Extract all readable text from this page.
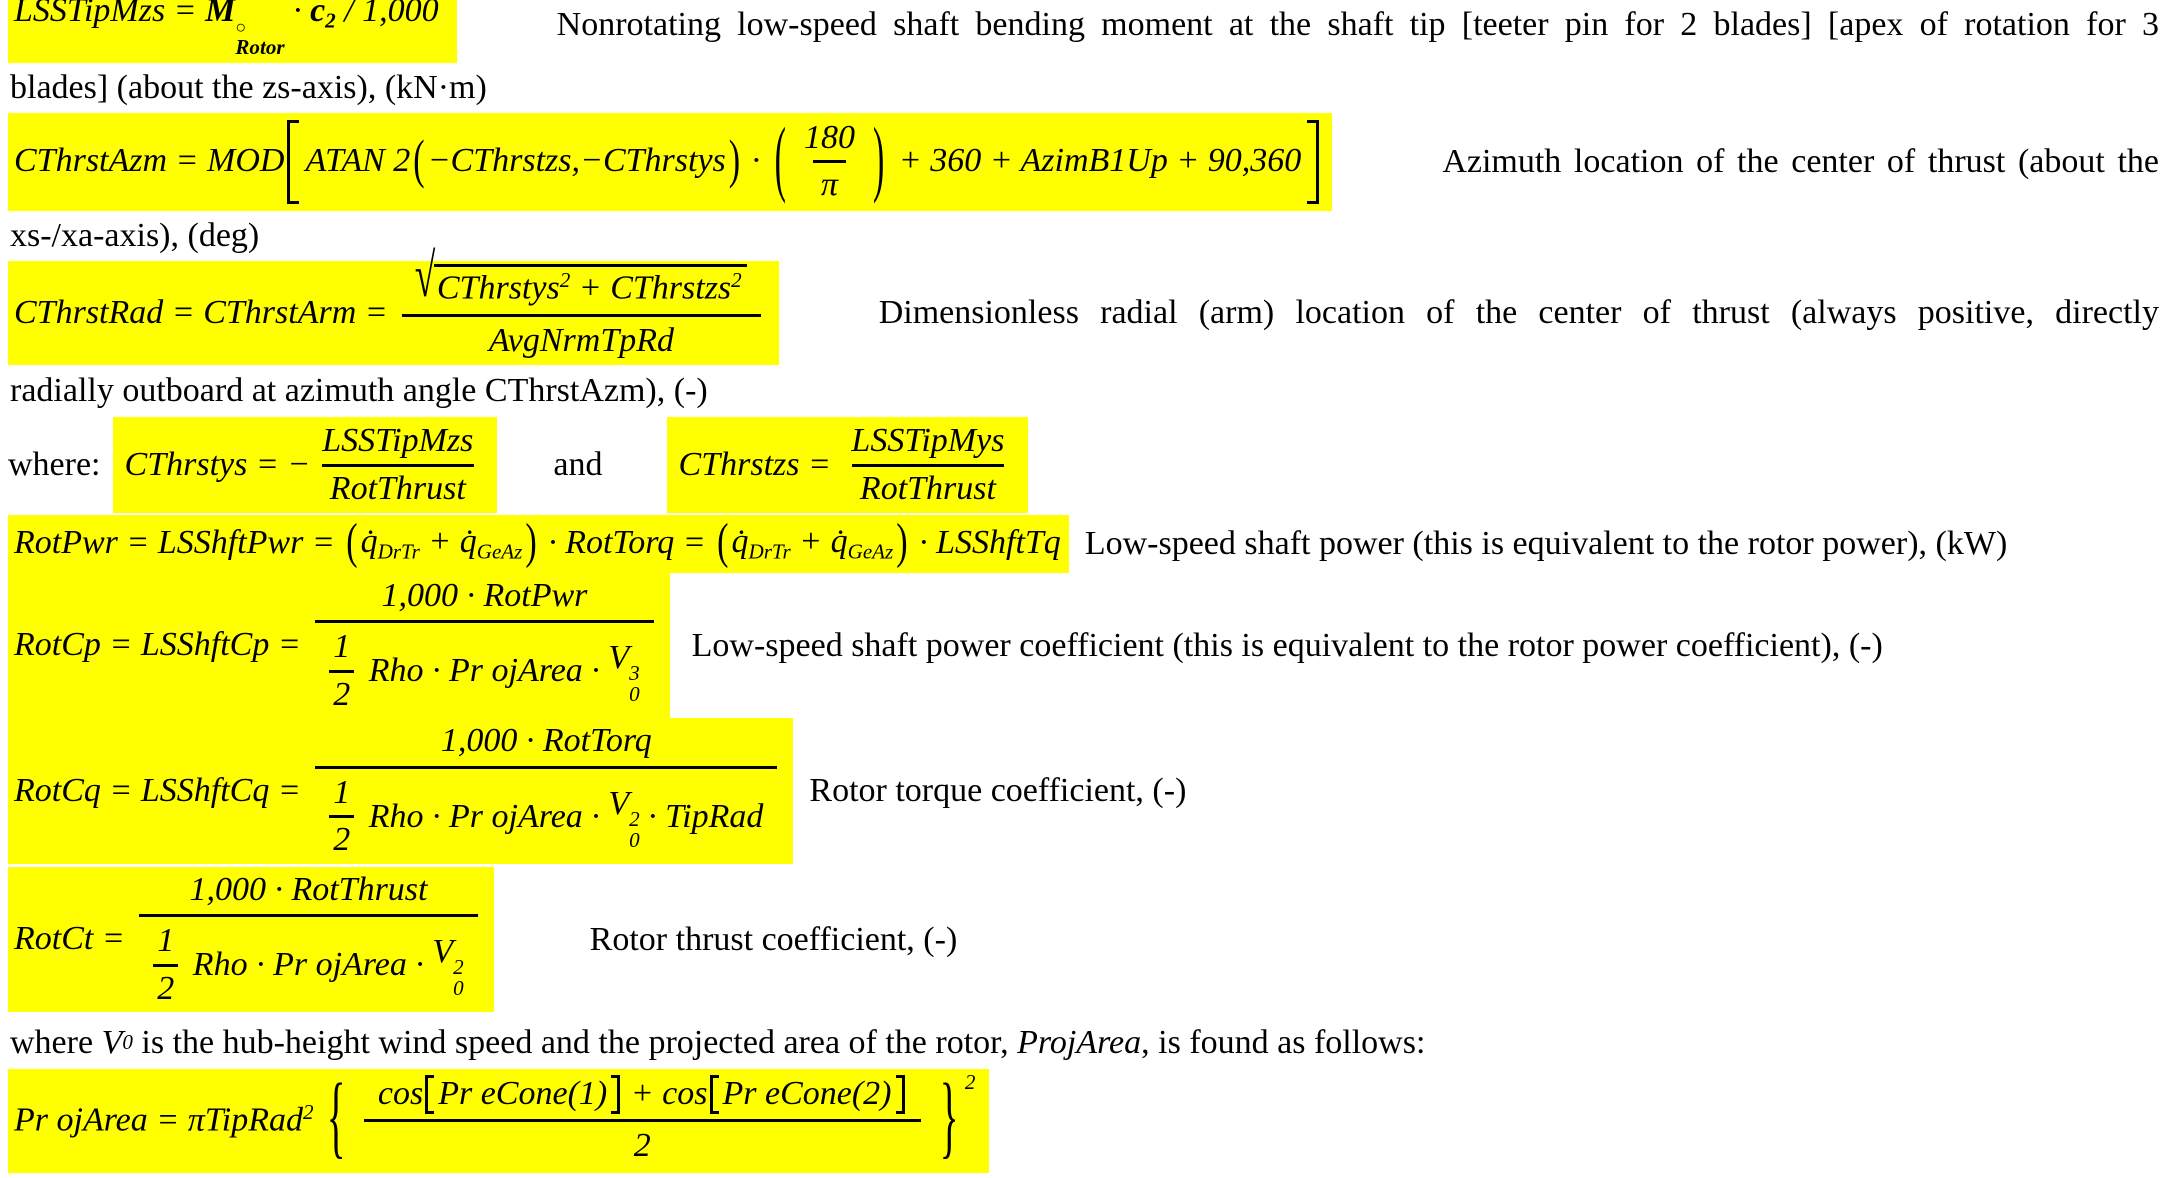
LSSTipMzs = M ○
Rotor
· $c_2 / 1,000$	Nonrotating low-speed shaft bending moment at the shaft tip [teeter pin for 2 blades] [apex of rotation for 3
blades] (about the zs-axis), (kN·m)
CThrstAzm = MOD ATAN 2 ( −CThrstzs,−CThrstys ) · ( $\frac{180}{\pi}$ ) + 360 + AzimB1Up + 90,360	Azimuth location of the center of thrust (about the
xs-/xa-axis), (deg)
CThrstRad = CThrstArm =
√ CThrstys$^2$ + CThrstzs$^2$
AvgNrmTpRd
Dimensionless radial (arm) location of the center of thrust (always positive, directly
radially outboard at azimuth angle CThrstAzm), (-)
where: CThrstys = − $\frac{\text{LSSTipMzs}}{\text{RotThrust}}$ and CThrstzs = $\frac{\text{LSSTipMys}}{\text{RotThrust}}$
RotPwr = LSShftPwr = ( $q̇_{DrTr}$ + $q̇_{GeAz}$ ) · RotTorq = ( $q̇_{DrTr}$ + $q̇_{GeAz}$ ) · LSShftTq Low-speed shaft power (this is equivalent to the rotor power), (kW)
RotCp = LSShftCp =
1,000 · RotPwr
$\frac{1}{2}$ Rho · Pr ojArea · V 3
0
Low-speed shaft power coefficient (this is equivalent to the rotor power coefficient), (-)
RotCq = LSShftCq =
1,000 · RotTorq
$\frac{1}{2}$ Rho · Pr ojArea · V 2
0
· TipRad
Rotor torque coefficient, (-)
RotCt =
1,000 · RotThrust
$\frac{1}{2}$ Rho · Pr ojArea · V 2
0
Rotor thrust coefficient, (-)
where V 0 is the hub-height wind speed and the projected area of the rotor, ProjArea , is found as follows:
Pr ojArea = πTipRad$^2$ { cos Pr eCone(1) + cos Pr eCone(2)
2	} 2
